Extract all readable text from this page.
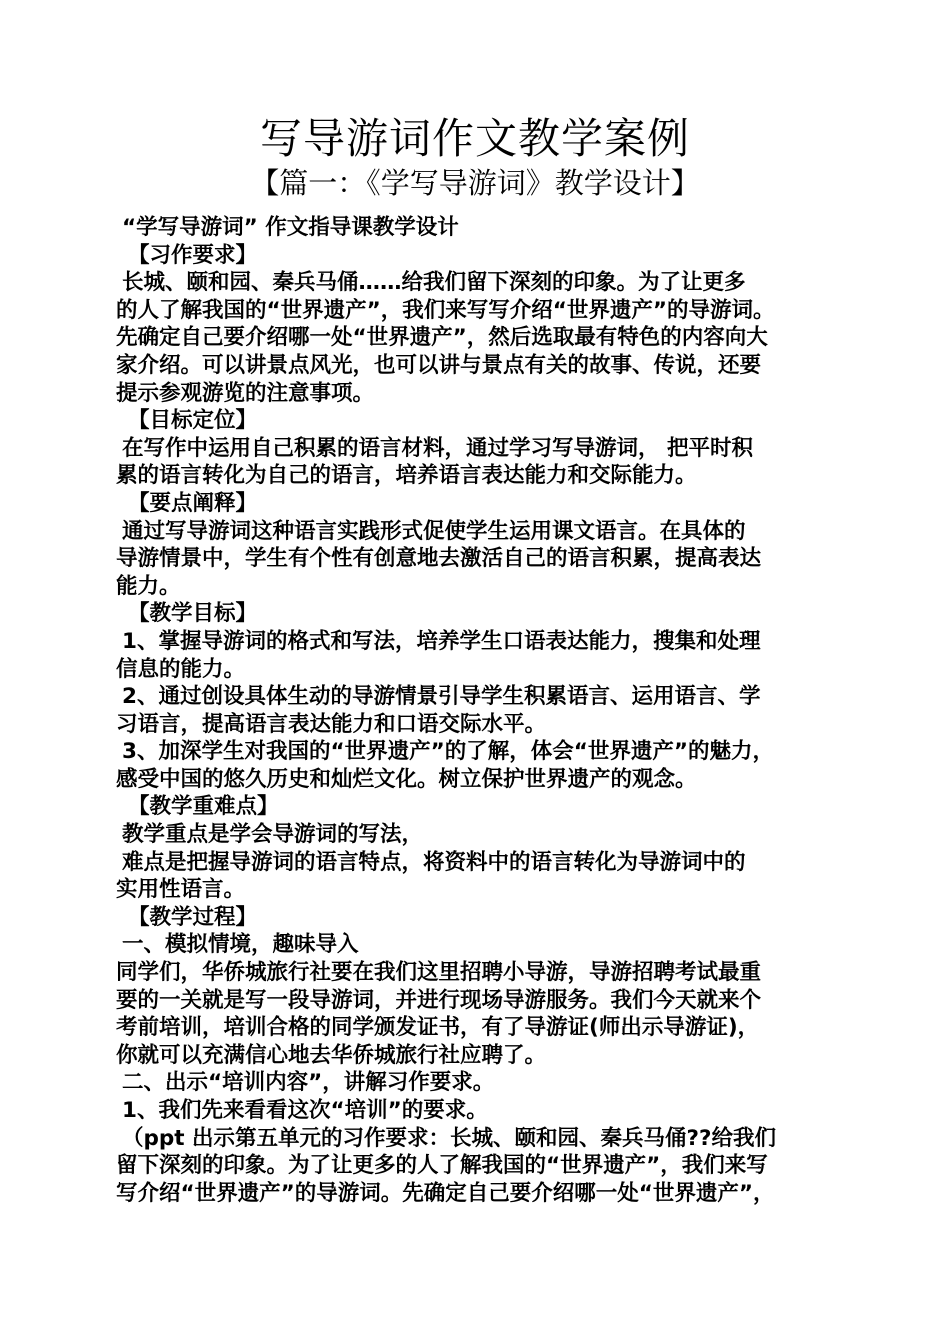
写导游词作文教学案例
【篇一：《学写导游词》教学设计】
“学写导游词” 作文指导课教学设计
【习作要求】
长城、颐和园、秦兵马俑……给我们留下深刻的印象。为了让更多
的人了解我国的“世界遗产”，我们来写写介绍“世界遗产”的导游词。
先确定自己要介绍哪一处“世界遗产”，然后选取最有特色的内容向大
家介绍。可以讲景点风光，也可以讲与景点有关的故事、传说，还要
提示参观游览的注意事项。
【目标定位】
在写作中运用自己积累的语言材料，通过学习写导游词， 把平时积
累的语言转化为自己的语言，培养语言表达能力和交际能力。
【要点阐释】
通过写导游词这种语言实践形式促使学生运用课文语言。在具体的
导游情景中，学生有个性有创意地去激活自己的语言积累，提高表达
能力。
【教学目标】
1、掌握导游词的格式和写法，培养学生口语表达能力，搜集和处理
信息的能力。
2、通过创设具体生动的导游情景引导学生积累语言、运用语言、学
习语言，提高语言表达能力和口语交际水平。
3、加深学生对我国的“世界遗产”的了解，体会“世界遗产”的魅力，
感受中国的悠久历史和灿烂文化。树立保护世界遗产的观念。
【教学重难点】
教学重点是学会导游词的写法，
难点是把握导游词的语言特点，将资料中的语言转化为导游词中的
实用性语言。
【教学过程】
一、模拟情境，趣味导入
同学们，华侨城旅行社要在我们这里招聘小导游，导游招聘考试最重
要的一关就是写一段导游词，并进行现场导游服务。我们今天就来个
考前培训，培训合格的同学颁发证书，有了导游证(师出示导游证)，
你就可以充满信心地去华侨城旅行社应聘了。
二、出示“培训内容”，讲解习作要求。
1、我们先来看看这次“培训”的要求。
（ppt 出示第五单元的习作要求：长城、颐和园、秦兵马俑??给我们
留下深刻的印象。为了让更多的人了解我国的“世界遗产”，我们来写
写介绍“世界遗产”的导游词。先确定自己要介绍哪一处“世界遗产”，
